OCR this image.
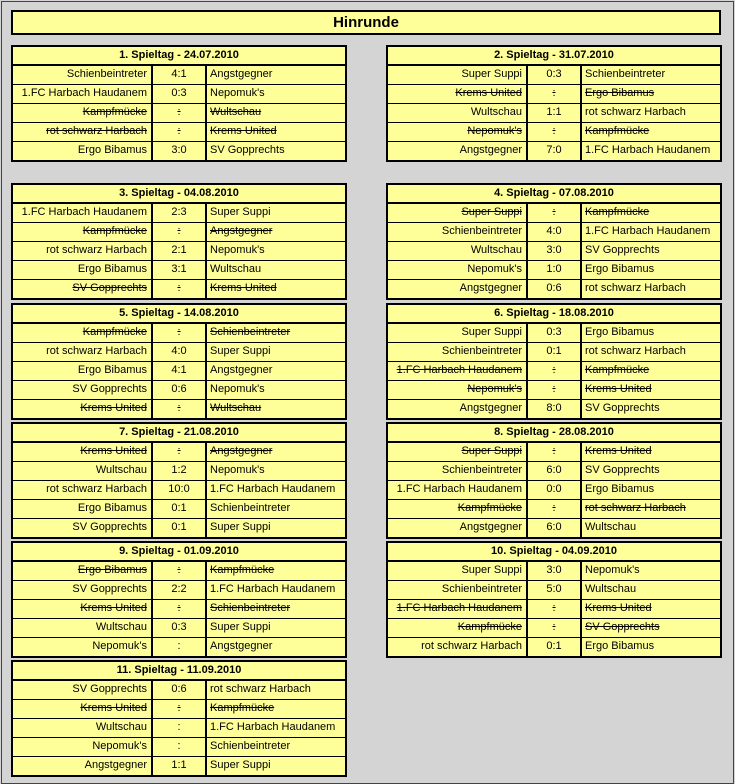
Hinrunde
1. Spieltag - 24.07.2010
Schienbeintreter	4:1	Angstgegner
1.FC Harbach Haudanem	0:3	Nepomuk's
Kampfmücke	:	Wultschau
rot schwarz Harbach	:	Krems United
Ergo Bibamus	3:0	SV Gopprechts
2. Spieltag - 31.07.2010
Super Suppi	0:3	Schienbeintreter
Krems United	:	Ergo Bibamus
Wultschau	1:1	rot schwarz Harbach
Nepomuk's	:	Kampfmücke
Angstgegner	7:0	1.FC Harbach Haudanem
3. Spieltag - 04.08.2010
1.FC Harbach Haudanem	2:3	Super Suppi
Kampfmücke	:	Angstgegner
rot schwarz Harbach	2:1	Nepomuk's
Ergo Bibamus	3:1	Wultschau
SV Gopprechts	:	Krems United
4. Spieltag - 07.08.2010
Super Suppi	:	Kampfmücke
Schienbeintreter	4:0	1.FC Harbach Haudanem
Wultschau	3:0	SV Gopprechts
Nepomuk's	1:0	Ergo Bibamus
Angstgegner	0:6	rot schwarz Harbach
5. Spieltag - 14.08.2010
Kampfmücke	:	Schienbeintreter
rot schwarz Harbach	4:0	Super Suppi
Ergo Bibamus	4:1	Angstgegner
SV Gopprechts	0:6	Nepomuk's
Krems United	:	Wultschau
6. Spieltag - 18.08.2010
Super Suppi	0:3	Ergo Bibamus
Schienbeintreter	0:1	rot schwarz Harbach
1.FC Harbach Haudanem	:	Kampfmücke
Nepomuk's	:	Krems United
Angstgegner	8:0	SV Gopprechts
7. Spieltag - 21.08.2010
Krems United	:	Angstgegner
Wultschau	1:2	Nepomuk's
rot schwarz Harbach	10:0	1.FC Harbach Haudanem
Ergo Bibamus	0:1	Schienbeintreter
SV Gopprechts	0:1	Super Suppi
8. Spieltag - 28.08.2010
Super Suppi	:	Krems United
Schienbeintreter	6:0	SV Gopprechts
1.FC Harbach Haudanem	0:0	Ergo Bibamus
Kampfmücke	:	rot schwarz Harbach
Angstgegner	6:0	Wultschau
9. Spieltag - 01.09.2010
Ergo Bibamus	:	Kampfmücke
SV Gopprechts	2:2	1.FC Harbach Haudanem
Krems United	:	Schienbeintreter
Wultschau	0:3	Super Suppi
Nepomuk's	:	Angstgegner
10. Spieltag - 04.09.2010
Super Suppi	3:0	Nepomuk's
Schienbeintreter	5:0	Wultschau
1.FC Harbach Haudanem	:	Krems United
Kampfmücke	:	SV Gopprechts
rot schwarz Harbach	0:1	Ergo Bibamus
11. Spieltag - 11.09.2010
SV Gopprechts	0:6	rot schwarz Harbach
Krems United	:	Kampfmücke
Wultschau	:	1.FC Harbach Haudanem
Nepomuk's	:	Schienbeintreter
Angstgegner	1:1	Super Suppi
